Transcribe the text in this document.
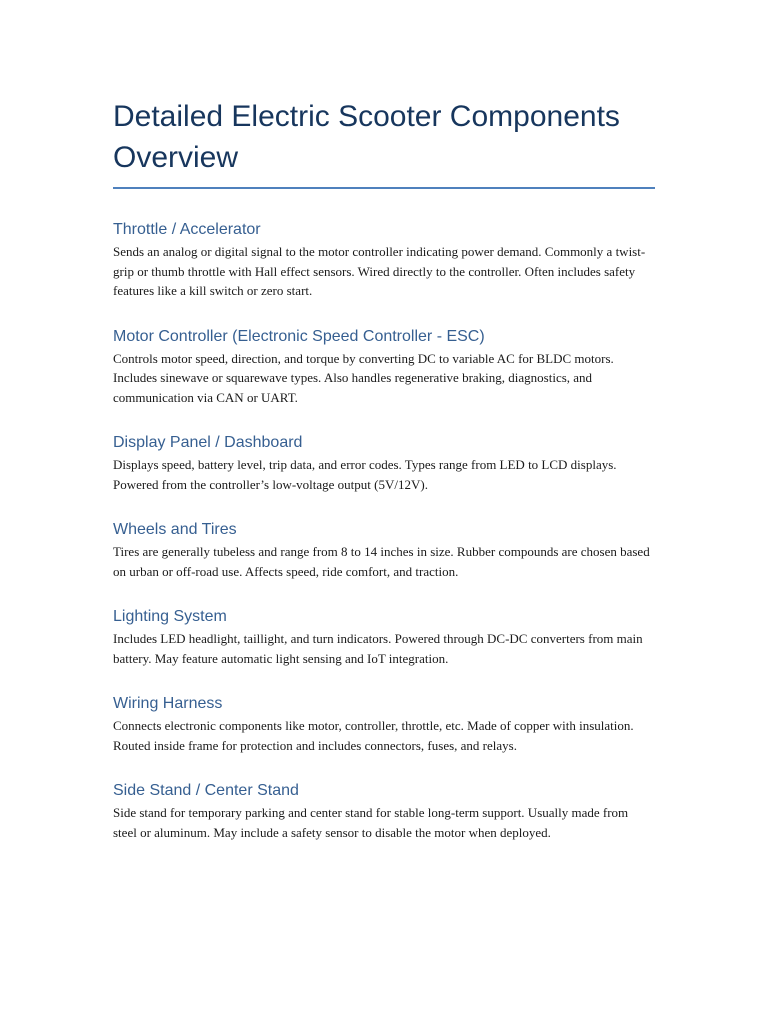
Detailed Electric Scooter Components Overview
Throttle / Accelerator

Sends an analog or digital signal to the motor controller indicating power demand. Commonly a twist-grip or thumb throttle with Hall effect sensors. Wired directly to the controller. Often includes safety features like a kill switch or zero start.

Motor Controller (Electronic Speed Controller - ESC)

Controls motor speed, direction, and torque by converting DC to variable AC for BLDC motors. Includes sinewave or squarewave types. Also handles regenerative braking, diagnostics, and communication via CAN or UART.

Display Panel / Dashboard

Displays speed, battery level, trip data, and error codes. Types range from LED to LCD displays. Powered from the controller’s low-voltage output (5V/12V).

Wheels and Tires

Tires are generally tubeless and range from 8 to 14 inches in size. Rubber compounds are chosen based on urban or off-road use. Affects speed, ride comfort, and traction.

Lighting System

Includes LED headlight, taillight, and turn indicators. Powered through DC-DC converters from main battery. May feature automatic light sensing and IoT integration.

Wiring Harness

Connects electronic components like motor, controller, throttle, etc. Made of copper with insulation. Routed inside frame for protection and includes connectors, fuses, and relays.

Side Stand / Center Stand

Side stand for temporary parking and center stand for stable long-term support. Usually made from steel or aluminum. May include a safety sensor to disable the motor when deployed.
